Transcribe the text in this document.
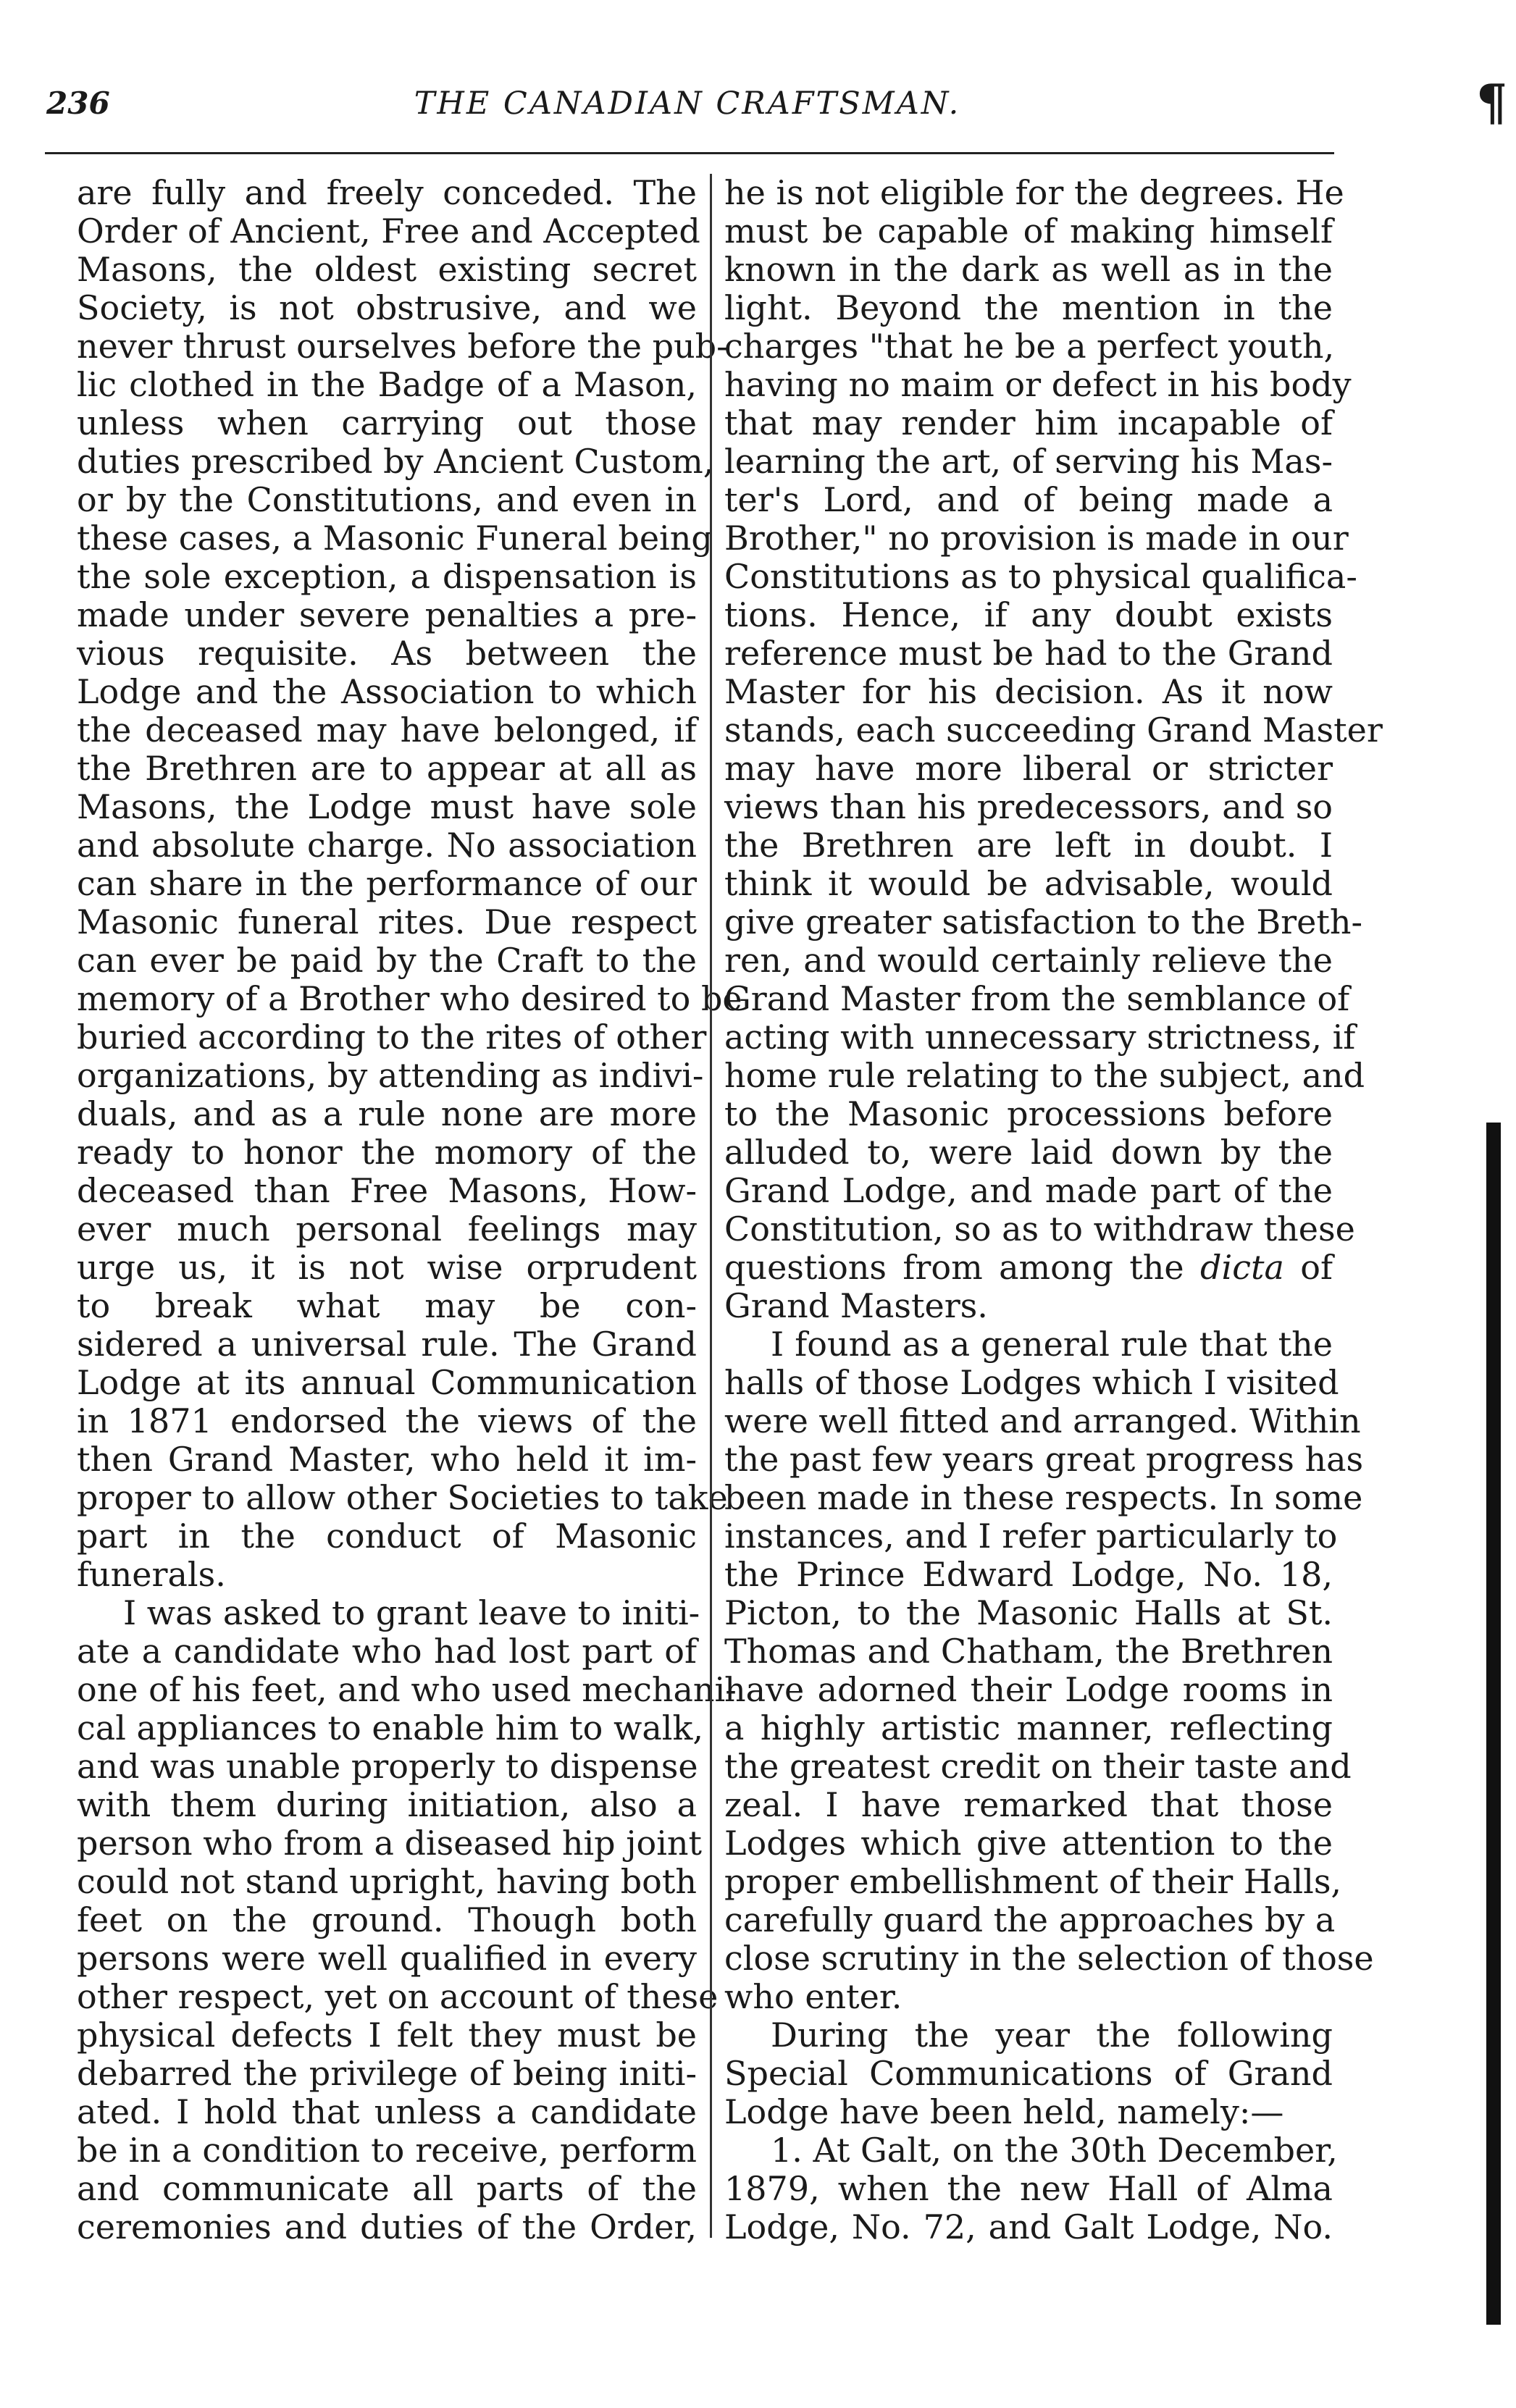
236	THE CANADIAN CRAFTSMAN.	¶
are fully and freely conceded. The
Order of Ancient, Free and Accepted
Masons, the oldest existing secret
Society, is not obstrusive, and we
never thrust ourselves before the pub-
lic clothed in the Badge of a Mason,
unless when carrying out those
duties prescribed by Ancient Custom,
or by the Constitutions, and even in
these cases, a Masonic Funeral being
the sole exception, a dispensation is
made under severe penalties a pre-
vious requisite. As between the
Lodge and the Association to which
the deceased may have belonged, if
the Brethren are to appear at all as
Masons, the Lodge must have sole
and absolute charge. No association
can share in the performance of our
Masonic funeral rites. Due respect
can ever be paid by the Craft to the
memory of a Brother who desired to be
buried according to the rites of other
organizations, by attending as indivi-
duals, and as a rule none are more
ready to honor the momory of the
deceased than Free Masons, How-
ever much personal feelings may
urge us, it is not wise orprudent
to break what may be con-
sidered a universal rule. The Grand
Lodge at its annual Communication
in 1871 endorsed the views of the
then Grand Master, who held it im-
proper to allow other Societies to take
part in the conduct of Masonic
funerals.
I was asked to grant leave to initi-
ate a candidate who had lost part of
one of his feet, and who used mechani-
cal appliances to enable him to walk,
and was unable properly to dispense
with them during initiation, also a
person who from a diseased hip joint
could not stand upright, having both
feet on the ground. Though both
persons were well qualified in every
other respect, yet on account of these
physical defects I felt they must be
debarred the privilege of being initi-
ated. I hold that unless a candidate
be in a condition to receive, perform
and communicate all parts of the
ceremonies and duties of the Order,
he is not eligible for the degrees. He
must be capable of making himself
known in the dark as well as in the
light. Beyond the mention in the
charges "that he be a perfect youth,
having no maim or defect in his body
that may render him incapable of
learning the art, of serving his Mas-
ter's Lord, and of being made a
Brother," no provision is made in our
Constitutions as to physical qualifica-
tions. Hence, if any doubt exists
reference must be had to the Grand
Master for his decision. As it now
stands, each succeeding Grand Master
may have more liberal or stricter
views than his predecessors, and so
the Brethren are left in doubt. I
think it would be advisable, would
give greater satisfaction to the Breth-
ren, and would certainly relieve the
Grand Master from the semblance of
acting with unnecessary strictness, if
home rule relating to the subject, and
to the Masonic processions before
alluded to, were laid down by the
Grand Lodge, and made part of the
Constitution, so as to withdraw these
questions from among the dicta of
Grand Masters.
I found as a general rule that the
halls of those Lodges which I visited
were well fitted and arranged. Within
the past few years great progress has
been made in these respects. In some
instances, and I refer particularly to
the Prince Edward Lodge, No. 18,
Picton, to the Masonic Halls at St.
Thomas and Chatham, the Brethren
have adorned their Lodge rooms in
a highly artistic manner, reflecting
the greatest credit on their taste and
zeal. I have remarked that those
Lodges which give attention to the
proper embellishment of their Halls,
carefully guard the approaches by a
close scrutiny in the selection of those
who enter.
During the year the following
Special Communications of Grand
Lodge have been held, namely:—
1. At Galt, on the 30th December,
1879, when the new Hall of Alma
Lodge, No. 72, and Galt Lodge, No.
